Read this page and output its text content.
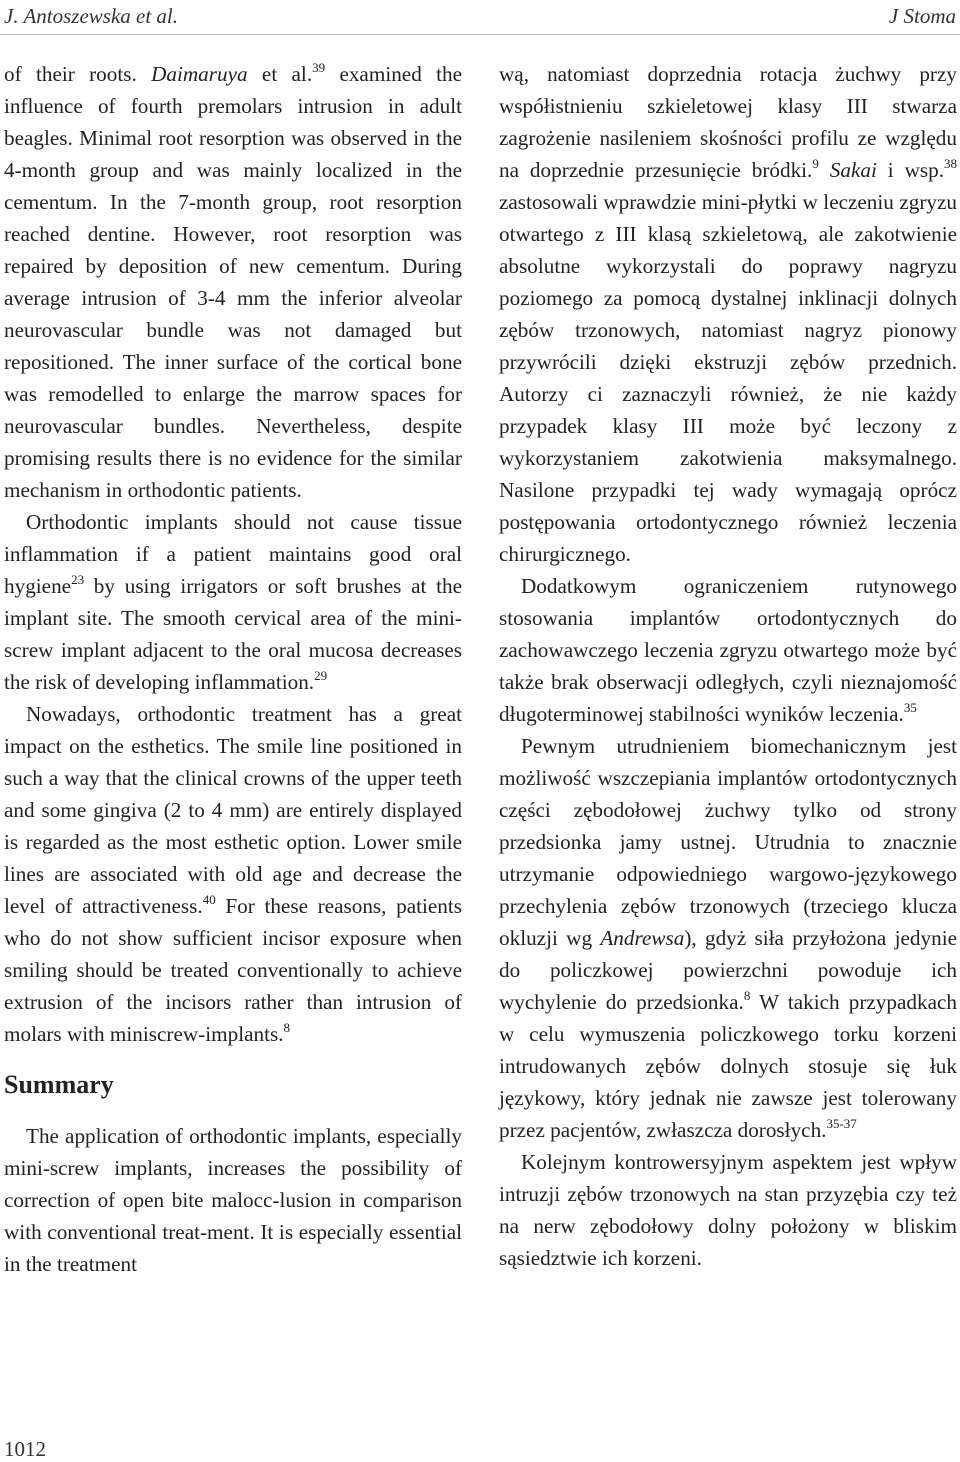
J. Antoszewska et al.	J Stoma

of their roots. Daimaruya et al.$^{39}$ examined the influence of fourth premolars intrusion in adult beagles. Minimal root resorption was observed in the 4-month group and was mainly localized in the cementum. In the 7-month group, root resorption reached dentine. However, root resorption was repaired by deposition of new cementum. During average intrusion of 3-4 mm the inferior alveolar neurovascular bundle was not damaged but repositioned. The inner surface of the cortical bone was remodelled to enlarge the marrow spaces for neurovascular bundles. Nevertheless, despite promising results there is no evidence for the similar mechanism in orthodontic patients.

Orthodontic implants should not cause tissue inflammation if a patient maintains good oral hygiene$^{23}$ by using irrigators or soft brushes at the implant site. The smooth cervical area of the mini-screw implant adjacent to the oral mucosa decreases the risk of developing inflammation.$^{29}$

Nowadays, orthodontic treatment has a great impact on the esthetics. The smile line positioned in such a way that the clinical crowns of the upper teeth and some gingiva (2 to 4 mm) are entirely displayed is regarded as the most esthetic option. Lower smile lines are associated with old age and decrease the level of attractiveness.$^{40}$ For these reasons, patients who do not show sufficient incisor exposure when smiling should be treated conventionally to achieve extrusion of the incisors rather than intrusion of molars with miniscrew-implants.$^8$

Summary

The application of orthodontic implants, especially mini-screw implants, increases the possibility of correction of open bite malocc-lusion in comparison with conventional treat-ment. It is especially essential in the treatment

wą, natomiast doprzednia rotacja żuchwy przy współistnieniu szkieletowej klasy III stwarza zagrożenie nasileniem skośności profilu ze względu na doprzednie przesunięcie bródki.$^9$ Sakai i wsp.$^{38}$ zastosowali wprawdzie mini-płytki w leczeniu zgryzu otwartego z III klasą szkieletową, ale zakotwienie absolutne wykorzystali do poprawy nagryzu poziomego za pomocą dystalnej inklinacji dolnych zębów trzonowych, natomiast nagryz pionowy przywrócili dzięki ekstruzji zębów przednich. Autorzy ci zaznaczyli również, że nie każdy przypadek klasy III może być leczony z wykorzystaniem zakotwienia maksymalnego. Nasilone przypadki tej wady wymagają oprócz postępowania ortodontycznego również leczenia chirurgicznego.

Dodatkowym ograniczeniem rutynowego stosowania implantów ortodontycznych do zachowawczego leczenia zgryzu otwartego może być także brak obserwacji odległych, czyli nieznajomość długoterminowej stabilności wyników leczenia.$^{35}$

Pewnym utrudnieniem biomechanicznym jest możliwość wszczepiania implantów ortodontycznych części zębodołowej żuchwy tylko od strony przedsionka jamy ustnej. Utrudnia to znacznie utrzymanie odpowiedniego wargowo-językowego przechylenia zębów trzonowych (trzeciego klucza okluzji wg Andrewsa), gdyż siła przyłożona jedynie do policzkowej powierzchni powoduje ich wychylenie do przedsionka.$^8$ W takich przypadkach w celu wymuszenia policzkowego torku korzeni intrudowanych zębów dolnych stosuje się łuk językowy, który jednak nie zawsze jest tolerowany przez pacjentów, zwłaszcza dorosłych.$^{35-37}$

Kolejnym kontrowersyjnym aspektem jest wpływ intruzji zębów trzonowych na stan przyzębia czy też na nerw zębodołowy dolny położony w bliskim sąsiedztwie ich korzeni.

1012
